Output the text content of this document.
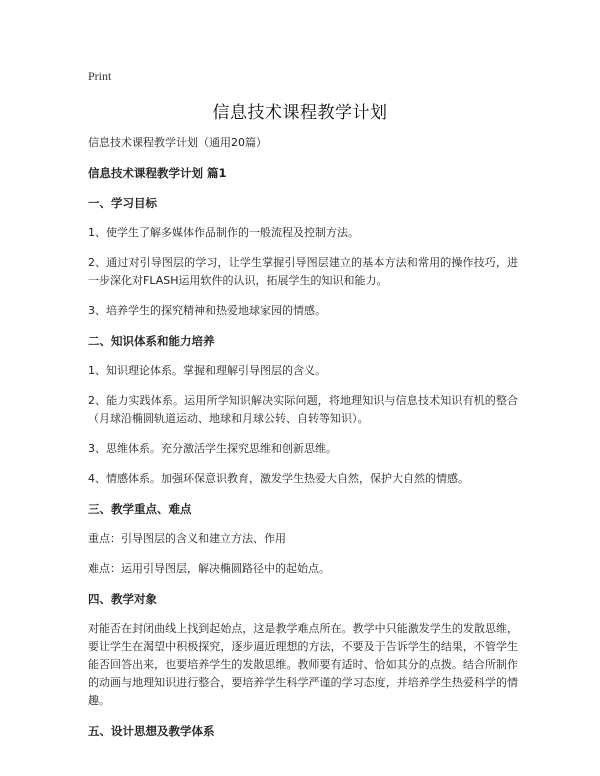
Print
信息技术课程教学计划

信息技术课程教学计划（通用20篇）

信息技术课程教学计划 篇1

一、学习目标

1、使学生了解多媒体作品制作的一般流程及控制方法。

2、通过对引导图层的学习，让学生掌握引导图层建立的基本方法和常用的操作技巧，进一步深化对FLASH运用软件的认识，拓展学生的知识和能力。

3、培养学生的探究精神和热爱地球家园的情感。

二、知识体系和能力培养

1、知识理论体系。掌握和理解引导图层的含义。

2、能力实践体系。运用所学知识解决实际问题，将地理知识与信息技术知识有机的整合（月球沿椭圆轨道运动、地球和月球公转、自转等知识）。

3、思维体系。充分激活学生探究思维和创新思维。

4、情感体系。加强环保意识教育，激发学生热爱大自然，保护大自然的情感。

三、教学重点、难点

重点：引导图层的含义和建立方法、作用

难点：运用引导图层，解决椭圆路径中的起始点。

四、教学对象

对能否在封闭曲线上找到起始点，这是教学难点所在。教学中只能激发学生的发散思维，要让学生在渴望中积极探究，逐步逼近理想的方法，不要及于告诉学生的结果，不管学生能否回答出来，也要培养学生的发散思维。教师要有适时、恰如其分的点拨。结合所制作的动画与地理知识进行整合，要培养学生科学严谨的学习态度，并培养学生热爱科学的情趣。

五、设计思想及教学体系
